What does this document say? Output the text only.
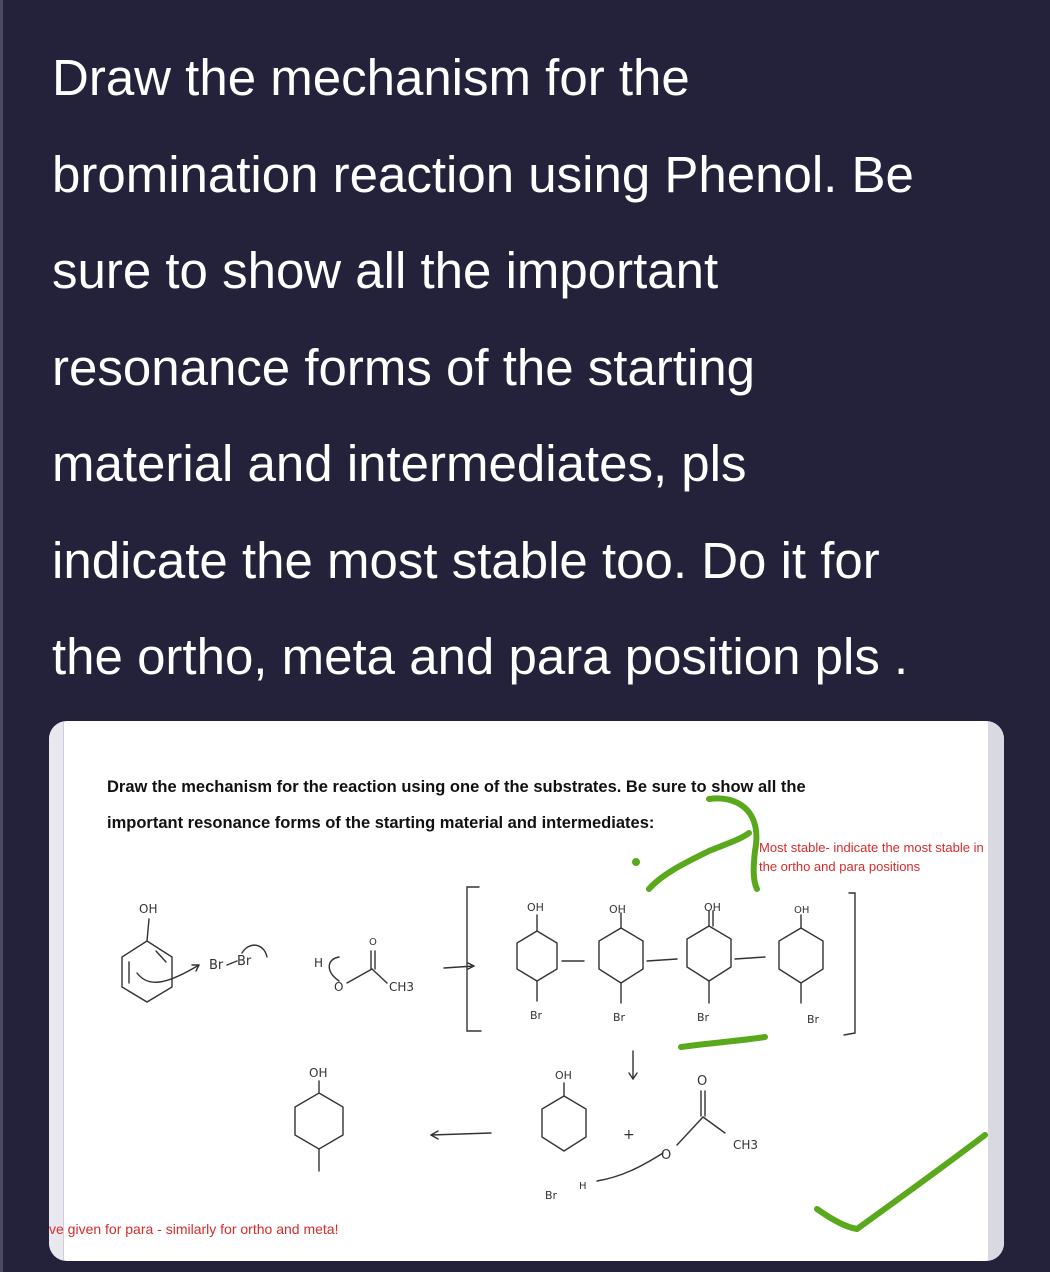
Draw the mechanism for the
bromination reaction using Phenol. Be
sure to show all the important
resonance forms of the starting
material and intermediates, pls
indicate the most stable too. Do it for
the ortho, meta and para position pls .
Draw the mechanism for the reaction using one of the substrates. Be sure to show all the
important resonance forms of the starting material and intermediates:
OH
Br Br	H
O
O
CH3
OH
Br
OH
Br
OH
Br
OH
Br
OH
Br
H
+
O
O
CH3
OH
Most stable- indicate the most stable in the ortho and para positions
ve given for para - similarly for ortho and meta!
